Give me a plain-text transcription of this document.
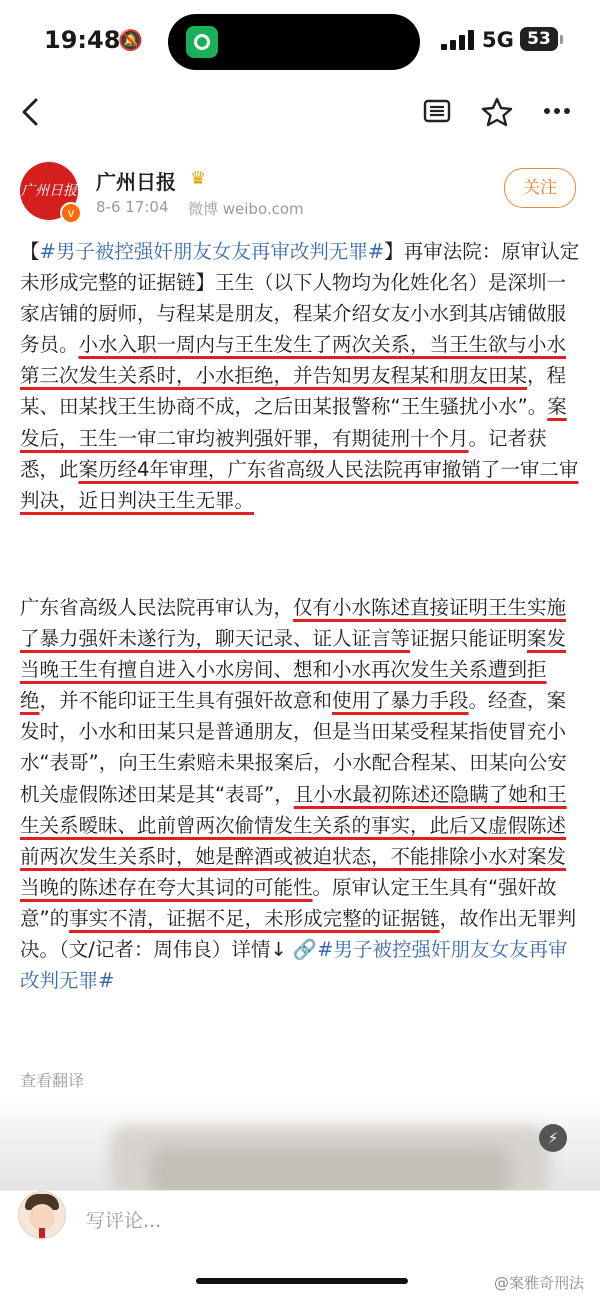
19:48
🔕	5G 53
广州日报
v
广州日报 ♛
8-6 17:04 微博 weibo.com
关注

【#男子被控强奸朋友女友再审改判无罪#】再审法院：原审认定未形成完整的证据链】王生（以下人物均为化姓化名）是深圳一家店铺的厨师，与程某是朋友，程某介绍女友小水到其店铺做服务员。小水入职一周内与王生发生了两次关系，当王生欲与小水第三次发生关系时，小水拒绝，并告知男友程某和朋友田某，程某、田某找王生协商不成，之后田某报警称“王生骚扰小水”。案发后，王生一审二审均被判强奸罪，有期徒刑十个月。记者获悉，此案历经4年审理，广东省高级人民法院再审撤销了一审二审判决，近日判决王生无罪。

广东省高级人民法院再审认为，仅有小水陈述直接证明王生实施了暴力强奸未遂行为，聊天记录、证人证言等证据只能证明案发当晚王生有擅自进入小水房间、想和小水再次发生关系遭到拒绝，并不能印证王生具有强奸故意和使用了暴力手段。经查，案发时，小水和田某只是普通朋友，但是当田某受程某指使冒充小水“表哥”，向王生索赔未果报案后，小水配合程某、田某向公安机关虚假陈述田某是其“表哥”，且小水最初陈述还隐瞒了她和王生关系暧昧、此前曾两次偷情发生关系的事实，此后又虚假陈述前两次发生关系时，她是醉酒或被迫状态，不能排除小水对案发当晚的陈述存在夸大其词的可能性。原审认定王生具有“强奸故意”的事实不清，证据不足，未形成完整的证据链，故作出无罪判决。（文/记者：周伟良）详情↓ 🔗#男子被控强奸朋友女友再审改判无罪#

查看翻译
⚡
写评论...
@案雅奇刑法
